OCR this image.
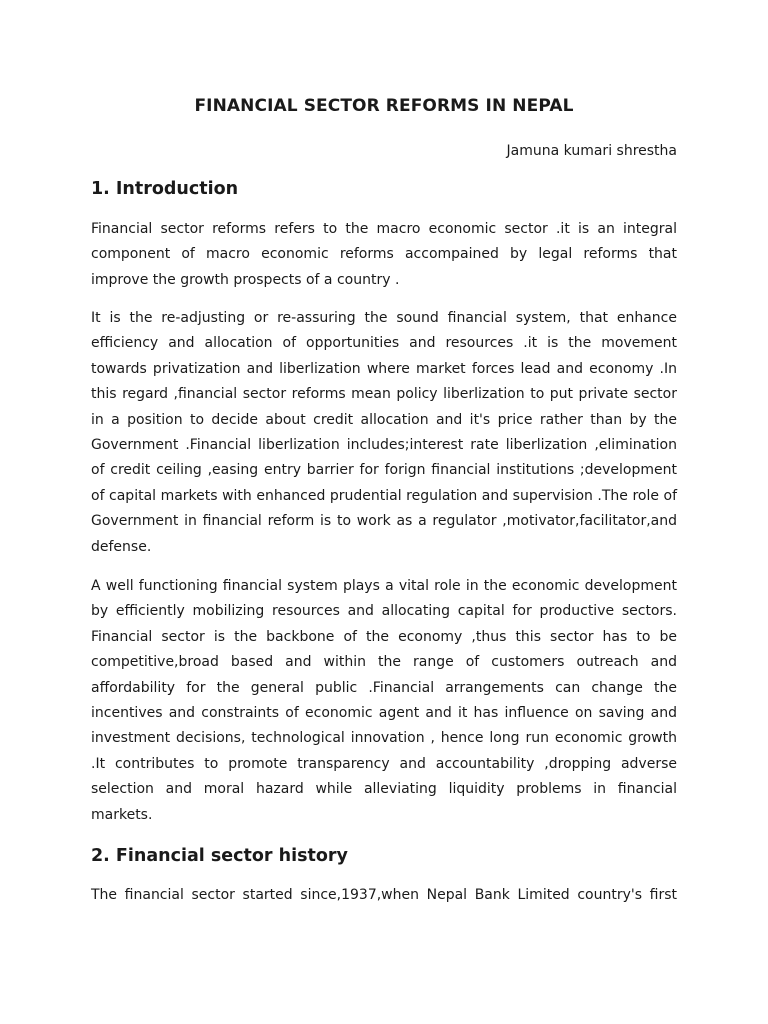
FINANCIAL SECTOR REFORMS IN NEPAL

Jamuna kumari shrestha

1. Introduction

Financial sector reforms refers to the macro economic sector .it is an integral component of macro economic reforms accompained by legal reforms that improve the growth prospects of a country .

It is the re-adjusting or re-assuring the sound financial system, that enhance efficiency and allocation of opportunities and resources .it is the movement towards privatization and liberlization where market forces lead and economy .In this regard ,financial sector reforms mean policy liberlization to put private sector in a position to decide about credit allocation and it's price rather than by the Government .Financial liberlization includes;interest rate liberlization ,elimination of credit ceiling ,easing entry barrier for forign financial institutions ;development of capital markets with enhanced prudential regulation and supervision .The role of Government in financial reform is to work as a regulator ,motivator,facilitator,and defense.

A well functioning financial system plays a vital role in the economic development by efficiently mobilizing resources and allocating capital for productive sectors. Financial sector is the backbone of the economy ,thus this sector has to be competitive,broad based and within the range of customers outreach and affordability for the general public .Financial arrangements can change the incentives and constraints of economic agent and it has influence on saving and investment decisions, technological innovation , hence long run economic growth .It contributes to promote transparency and accountability ,dropping adverse selection and moral hazard while alleviating liquidity problems in financial markets.

2. Financial sector history

The financial sector started since,1937,when Nepal Bank Limited country's first
